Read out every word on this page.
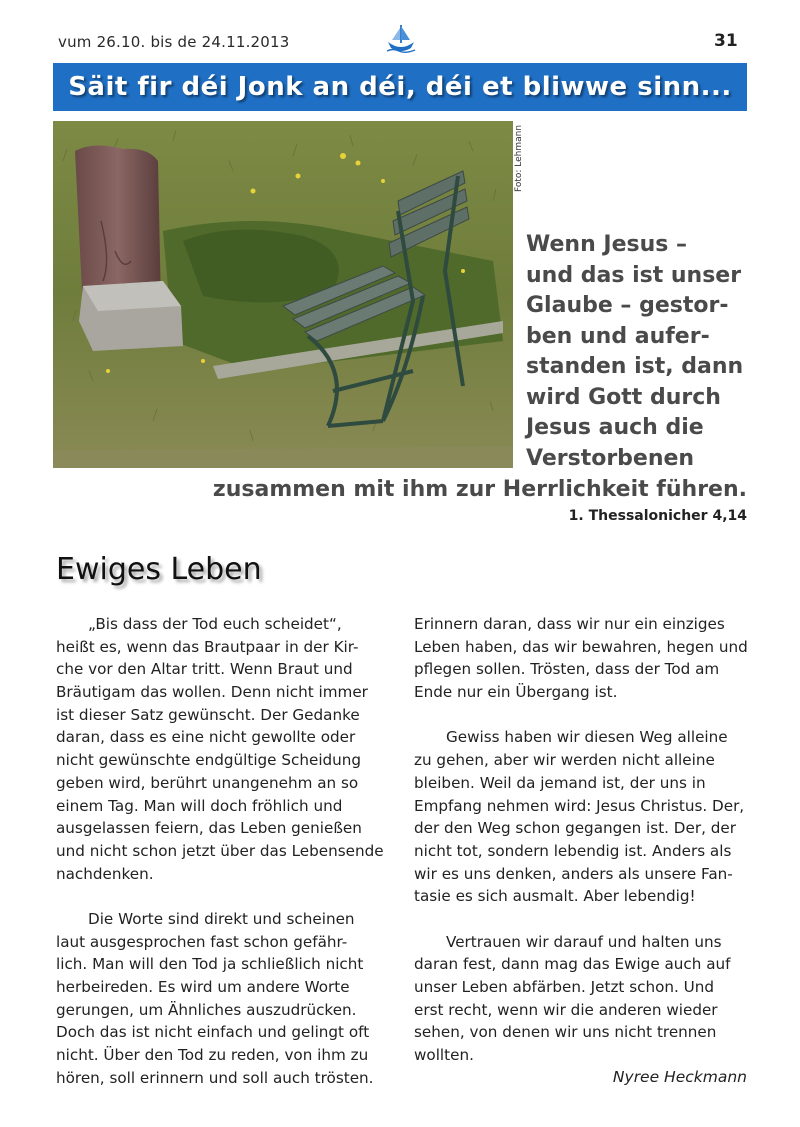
vum 26.10. bis de 24.11.2013	31
Säit fir déi Jonk an déi, déi et bliwwe sinn...
Foto: Lehmann
Wenn Jesus –
und das ist unser
Glaube – gestor-
ben und aufer-
standen ist, dann
wird Gott durch
Jesus auch die
Verstorbenen
zusammen mit ihm zur Herrlichkeit führen.
1. Thessalonicher 4,14
Ewiges Leben
„Bis dass der Tod euch scheidet“,
heißt es, wenn das Brautpaar in der Kir-
che vor den Altar tritt. Wenn Braut und
Bräutigam das wollen. Denn nicht immer
ist dieser Satz gewünscht. Der Gedanke
daran, dass es eine nicht gewollte oder
nicht gewünschte endgültige Scheidung
geben wird, berührt unangenehm an so
einem Tag. Man will doch fröhlich und
ausgelassen feiern, das Leben genießen
und nicht schon jetzt über das Lebensende
nachdenken.
Die Worte sind direkt und scheinen
laut ausgesprochen fast schon gefähr-
lich. Man will den Tod ja schließlich nicht
herbeireden. Es wird um andere Worte
gerungen, um Ähnliches auszudrücken.
Doch das ist nicht einfach und gelingt oft
nicht. Über den Tod zu reden, von ihm zu
hören, soll erinnern und soll auch trösten.
Erinnern daran, dass wir nur ein einziges
Leben haben, das wir bewahren, hegen und
pflegen sollen. Trösten, dass der Tod am
Ende nur ein Übergang ist.
Gewiss haben wir diesen Weg alleine
zu gehen, aber wir werden nicht alleine
bleiben. Weil da jemand ist, der uns in
Empfang nehmen wird: Jesus Christus. Der,
der den Weg schon gegangen ist. Der, der
nicht tot, sondern lebendig ist. Anders als
wir es uns denken, anders als unsere Fan-
tasie es sich ausmalt. Aber lebendig!
Vertrauen wir darauf und halten uns
daran fest, dann mag das Ewige auch auf
unser Leben abfärben. Jetzt schon. Und
erst recht, wenn wir die anderen wieder
sehen, von denen wir uns nicht trennen
wollten.
Nyree Heckmann
